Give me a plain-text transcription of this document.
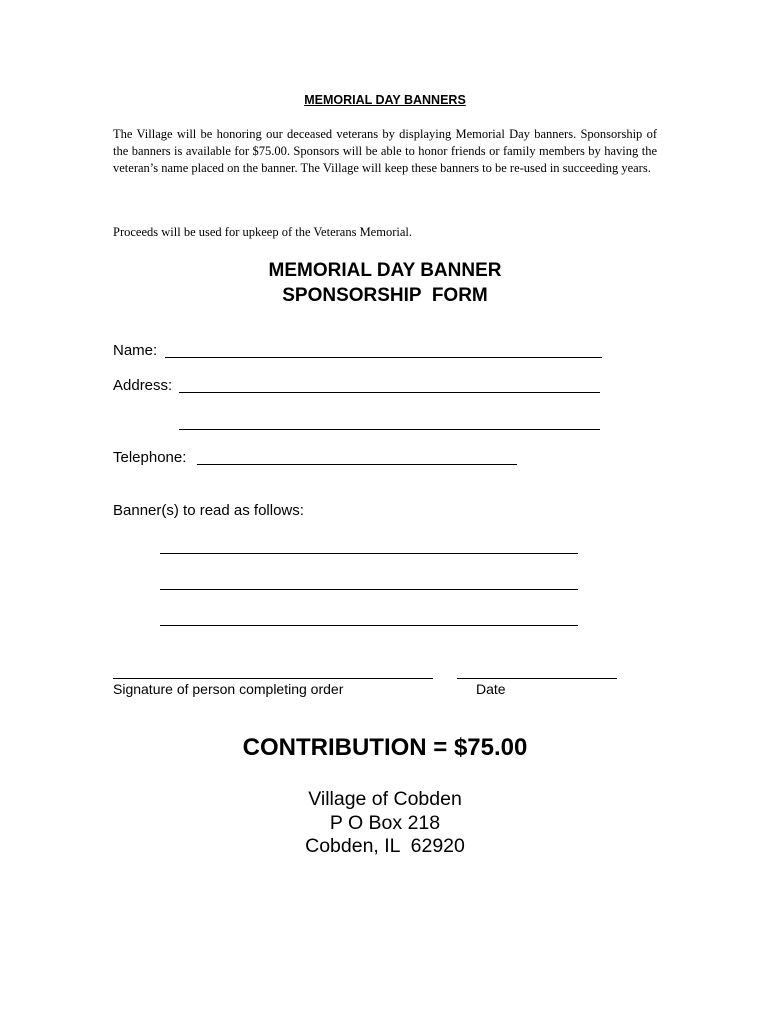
MEMORIAL DAY BANNERS
The Village will be honoring our deceased veterans by displaying Memorial Day banners. Sponsorship of the banners is available for $75.00. Sponsors will be able to honor friends or family members by having the veteran’s name placed on the banner. The Village will keep these banners to be re-used in succeeding years.
Proceeds will be used for upkeep of the Veterans Memorial.
MEMORIAL DAY BANNER
SPONSORSHIP  FORM
Name:
Address:
Telephone:
Banner(s) to read as follows:
Signature of person completing order	Date
CONTRIBUTION = $75.00
Village of Cobden
P O Box 218
Cobden, IL  62920
